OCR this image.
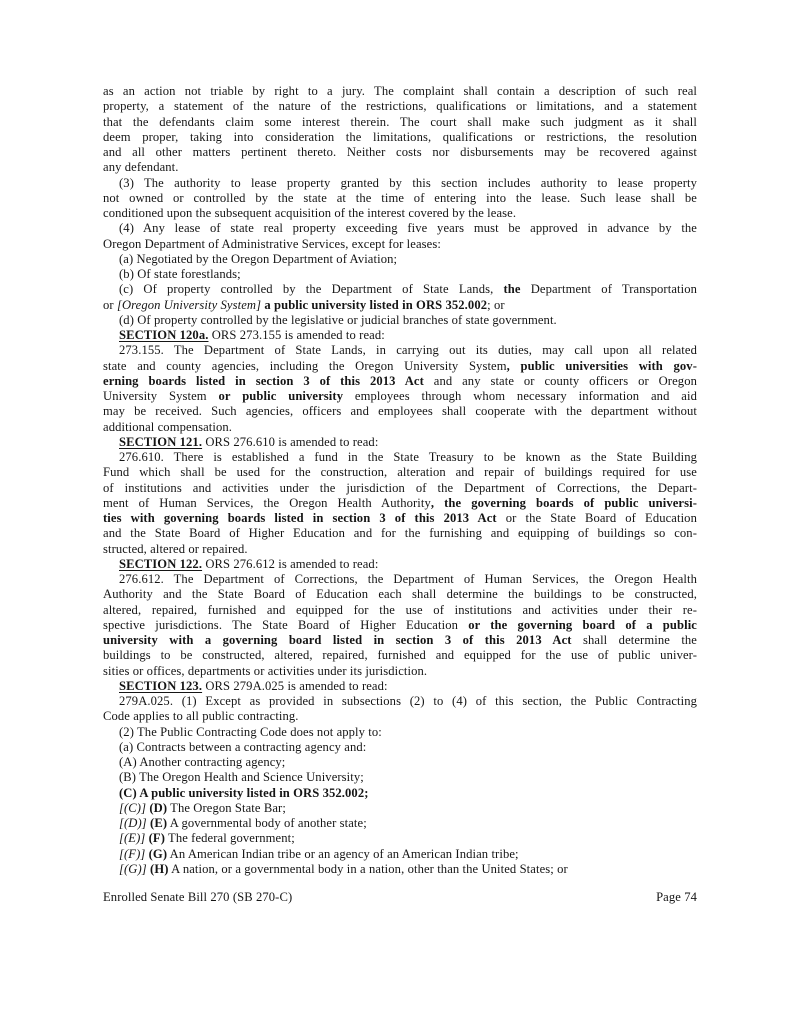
as an action not triable by right to a jury. The complaint shall contain a description of such real
property, a statement of the nature of the restrictions, qualifications or limitations, and a statement
that the defendants claim some interest therein. The court shall make such judgment as it shall
deem proper, taking into consideration the limitations, qualifications or restrictions, the resolution
and all other matters pertinent thereto. Neither costs nor disbursements may be recovered against
any defendant.
(3) The authority to lease property granted by this section includes authority to lease property
not owned or controlled by the state at the time of entering into the lease. Such lease shall be
conditioned upon the subsequent acquisition of the interest covered by the lease.
(4) Any lease of state real property exceeding five years must be approved in advance by the
Oregon Department of Administrative Services, except for leases:
(a) Negotiated by the Oregon Department of Aviation;
(b) Of state forestlands;
(c) Of property controlled by the Department of State Lands, the Department of Transportation
or [Oregon University System] a public university listed in ORS 352.002; or
(d) Of property controlled by the legislative or judicial branches of state government.
SECTION 120a. ORS 273.155 is amended to read:
273.155. The Department of State Lands, in carrying out its duties, may call upon all related
state and county agencies, including the Oregon University System, public universities with gov-
erning boards listed in section 3 of this 2013 Act and any state or county officers or Oregon
University System or public university employees through whom necessary information and aid
may be received. Such agencies, officers and employees shall cooperate with the department without
additional compensation.
SECTION 121. ORS 276.610 is amended to read:
276.610. There is established a fund in the State Treasury to be known as the State Building
Fund which shall be used for the construction, alteration and repair of buildings required for use
of institutions and activities under the jurisdiction of the Department of Corrections, the Depart-
ment of Human Services, the Oregon Health Authority, the governing boards of public universi-
ties with governing boards listed in section 3 of this 2013 Act or the State Board of Education
and the State Board of Higher Education and for the furnishing and equipping of buildings so con-
structed, altered or repaired.
SECTION 122. ORS 276.612 is amended to read:
276.612. The Department of Corrections, the Department of Human Services, the Oregon Health
Authority and the State Board of Education each shall determine the buildings to be constructed,
altered, repaired, furnished and equipped for the use of institutions and activities under their re-
spective jurisdictions. The State Board of Higher Education or the governing board of a public
university with a governing board listed in section 3 of this 2013 Act shall determine the
buildings to be constructed, altered, repaired, furnished and equipped for the use of public univer-
sities or offices, departments or activities under its jurisdiction.
SECTION 123. ORS 279A.025 is amended to read:
279A.025. (1) Except as provided in subsections (2) to (4) of this section, the Public Contracting
Code applies to all public contracting.
(2) The Public Contracting Code does not apply to:
(a) Contracts between a contracting agency and:
(A) Another contracting agency;
(B) The Oregon Health and Science University;
(C) A public university listed in ORS 352.002;
[(C)] (D) The Oregon State Bar;
[(D)] (E) A governmental body of another state;
[(E)] (F) The federal government;
[(F)] (G) An American Indian tribe or an agency of an American Indian tribe;
[(G)] (H) A nation, or a governmental body in a nation, other than the United States; or
Enrolled Senate Bill 270 (SB 270-C)	Page 74
